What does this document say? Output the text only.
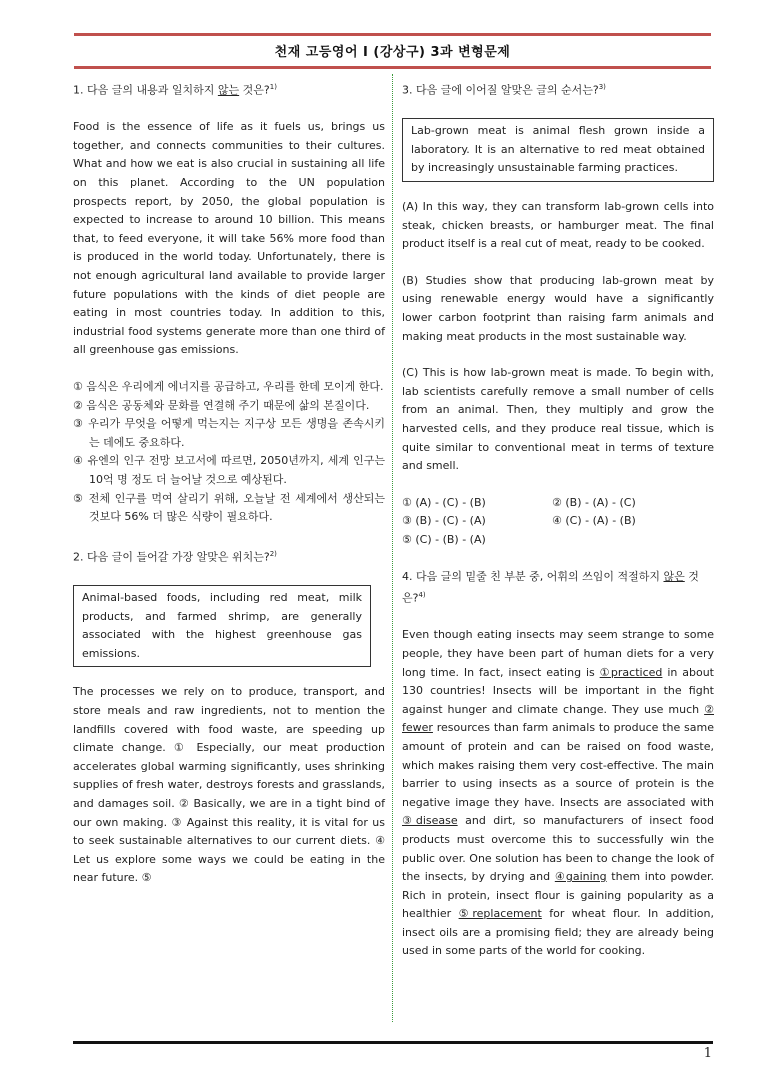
천재 고등영어 I (강상구) 3과 변형문제

1. 다음 글의 내용과 일치하지 않는 것은?$^{1)}$

Food is the essence of life as it fuels us, brings us together, and connects communities to their cultures. What and how we eat is also crucial in sustaining all life on this planet. According to the UN population prospects report, by 2050, the global population is expected to increase to around 10 billion. This means that, to feed everyone, it will take 56% more food than is produced in the world today. Unfortunately, there is not enough agricultural land available to provide larger future populations with the kinds of diet people are eating in most countries today. In addition to this, industrial food systems generate more than one third of all greenhouse gas emissions.

① 음식은 우리에게 에너지를 공급하고, 우리를 한데 모이게 한다.
② 음식은 공동체와 문화를 연결해 주기 때문에 삶의 본질이다.
③ 우리가 무엇을 어떻게 먹는지는 지구상 모든 생명을 존속시키는 데에도 중요하다.
④ 유엔의 인구 전망 보고서에 따르면, 2050년까지, 세계 인구는 10억 명 정도 더 늘어날 것으로 예상된다.
⑤ 전체 인구를 먹여 살리기 위해, 오늘날 전 세계에서 생산되는 것보다 56% 더 많은 식량이 필요하다.

2. 다음 글이 들어갈 가장 알맞은 위치는?$^{2)}$

Animal-based foods, including red meat, milk products, and farmed shrimp, are generally associated with the highest greenhouse gas emissions.

The processes we rely on to produce, transport, and store meals and raw ingredients, not to mention the landfills covered with food waste, are speeding up climate change. ① Especially, our meat production accelerates global warming significantly, uses shrinking supplies of fresh water, destroys forests and grasslands, and damages soil. ② Basically, we are in a tight bind of our own making. ③ Against this reality, it is vital for us to seek sustainable alternatives to our current diets. ④ Let us explore some ways we could be eating in the near future. ⑤

3. 다음 글에 이어질 알맞은 글의 순서는?$^{3)}$

Lab-grown meat is animal flesh grown inside a laboratory. It is an alternative to red meat obtained by increasingly unsustainable farming practices.

(A) In this way, they can transform lab-grown cells into steak, chicken breasts, or hamburger meat. The final product itself is a real cut of meat, ready to be cooked.

(B) Studies show that producing lab-grown meat by using renewable energy would have a significantly lower carbon footprint than raising farm animals and making meat products in the most sustainable way.

(C) This is how lab-grown meat is made. To begin with, lab scientists carefully remove a small number of cells from an animal. Then, they multiply and grow the harvested cells, and they produce real tissue, which is quite similar to conventional meat in terms of texture and smell.

① (A) - (C) - (B)	② (B) - (A) - (C)
③ (B) - (C) - (A)	④ (C) - (A) - (B)
⑤ (C) - (B) - (A)

4. 다음 글의 밑줄 친 부분 중, 어휘의 쓰임이 적절하지 않은 것은?$^{4)}$

Even though eating insects may seem strange to some people, they have been part of human diets for a very long time. In fact, insect eating is ①practiced in about 130 countries! Insects will be important in the fight against hunger and climate change. They use much ② fewer resources than farm animals to produce the same amount of protein and can be raised on food waste, which makes raising them very cost-effective. The main barrier to using insects as a source of protein is the negative image they have. Insects are associated with ③disease and dirt, so manufacturers of insect food products must overcome this to successfully win the public over. One solution has been to change the look of the insects, by drying and ④gaining them into powder. Rich in protein, insect flour is gaining popularity as a healthier ⑤replacement for wheat flour. In addition, insect oils are a promising field; they are already being used in some parts of the world for cooking.

1
